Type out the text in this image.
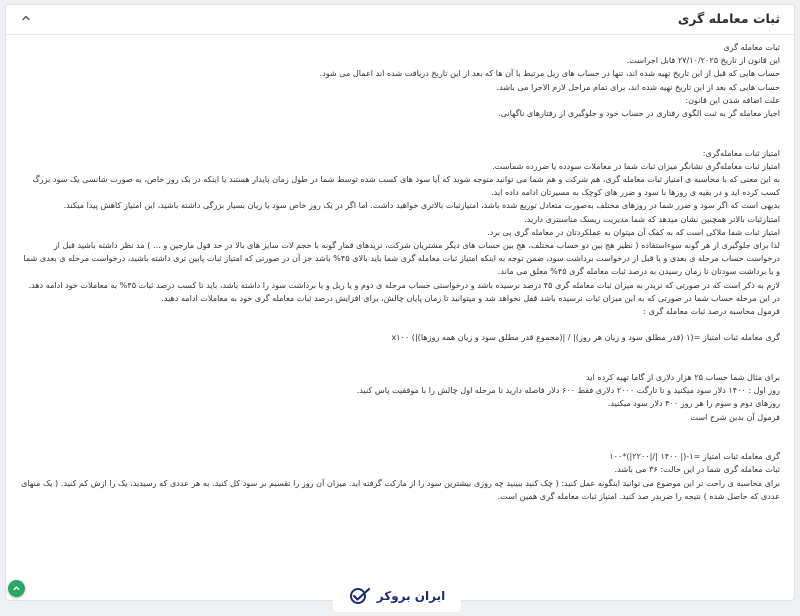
ثبات معامله گری

ثبات معامله گری

این قانون از تاریخ ۲۷/۱۰/۲۰۲۵ قابل اجراست.

حساب هایی که قبل از این تاریخ تهیه شده اند، تنها در حساب های ریل مرتبط با آن ها که بعد از این تاریخ دریافت شده اند اعمال می شود.

حساب هایی که بعد از این تاریخ تهیه شده اند، برای تمام مراحل لازم الاجرا می باشد.

علت اضافه شدن این قانون:

اجبار معامله گر به ثبت الگوی رفتاری در حساب خود و جلوگیری از رفتارهای ناگهانی.

امتیاز ثبات معامله‌گری:

امتیاز ثبات معامله‌گری نشانگر میزان ثبات شما در معاملات سودده یا ضررده شماست.

به این معنی که با محاسبه ی امتیاز ثبات معامله گری، هم شرکت و هم شما می توانید متوجه شوید که آیا سود های کسب شده توسط شما در طول زمان پایدار هستند یا اینکه در یک روز خاص، به صورت شانسی یک سود بزرگ کسب کرده اید و در بقیه ی روزها با سود و ضرر های کوچک به مسیرتان ادامه داده اید.

بدیهی است که اگر سود و ضرر شما در روزهای مختلف به‌صورت متعادل توزیع شده باشد، امتیازثبات بالاتری خواهید داشت. اما اگر در یک روز خاص سود یا زیان بسیار بزرگی داشته باشید، این امتیاز کاهش پیدا میکند.

امتیازثبات بالاتر همچنین نشان میدهد که شما مدیریت ریسک مناسبتری دارید.

امتیاز ثبات شما ملاکی است که به کمک آن میتوان به عملکردتان در معامله گری پی برد.

لذا برای جلوگیری از هر گونه سوءاستفاده ( نظیر هج بین دو حساب مختلف، هج بین حساب های دیگر مشتریان شرکت، تریدهای قمار گونه با حجم لات سایز های بالا در حد فول مارجین و ... ) مد نظر داشته باشید قبل از درخواست حساب مرحله ی بعدی و یا قبل از درخواست برداشت سود، ضمن توجه به اینکه امتیاز ثبات معامله گری شما باید بالای ۴۵% باشد جز آن در صورتی که امتیاز ثبات پایین تری داشته باشید، درخواست مرحله ی بعدی شما و یا برداشت سودتان تا زمان رسیدن به درصد ثبات معامله گری ۴۵% معلق می ماند.

لازم به ذکر است که در صورتی که تریدر به میزان ثبات معامله گری ۴۵ درصد نرسیده باشد و درخواستی حساب مرحله ی دوم و یا ریل و یا برداشت سود را داشته باشد، باید تا کسب درصد ثبات ۴۵% به معاملات خود ادامه دهد.

در این مرحله حساب شما در صورتی که به این میزان ثبات نرسیده باشد قفل نخواهد شد و میتوانید تا زمان پایان چالش، برای افزایش درصد ثبات معامله گری خود به معاملات ادامه دهید.

فرمول محاسبه درصد ثبات معامله گری :

گری معامله ثبات امتیاز =(۱ (قدر مطلق سود و زیان هر روز)| / |(مجموع قدر مطلق سود و زیان همه روزها)|) x۱۰۰

برای مثال شما حساب ۲۵ هزار دلاری از گاما تهیه کرده اید

روز اول : ۱۴۰۰ دلار سود میکنید و تا تارگت ۲۰۰۰ دلاری فقط ۶۰۰ دلار فاصله دارید تا مرحله اول چالش را با موفقیت پاس کنید.

روزهای دوم و سوم را هر روز ۴۰۰ دلار سود میکنید.

فرمول آن بدین شرح است

گری معامله ثبات امتیاز =۱-(| ۱۴۰۰ |/|۲۲۰۰|)*۱۰۰

ثبات معامله گری شما در این حالت: ۳۶ می باشد.

برای محاسبه ی راحت تر این موضوع می توانید اینگونه عمل کنید: ( چک کنید ببینید چه روزی بیشترین سود را از مارکت گرفته اید. میزان آن روز را تقسیم بر سود کل کنید. به هر عددی که رسیدید، یک را ازش کم کنید. ( یک منهای عددی که حاصل شده ) نتیجه را ضربدر صد کنید. امتیاز ثبات معامله گری همین است.

ایران بروکر
